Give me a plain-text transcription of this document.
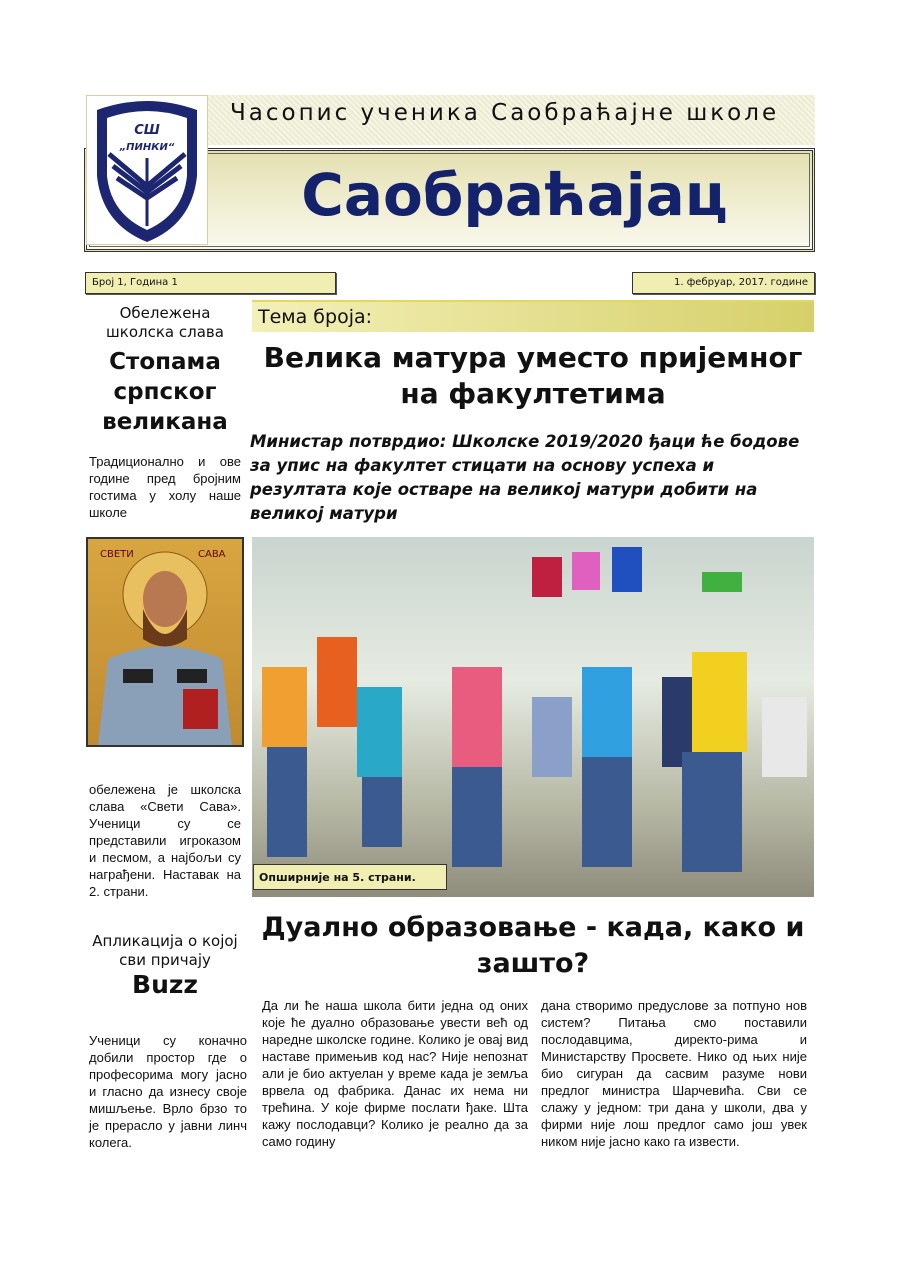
СШ
„ПИНКИ“
Часопис ученика Саобраћајне школе
Саобраћајац
Број 1, Година 1	1. фебруар, 2017. године
Обележена школска слава
Стопама српског великана
Традиционално и ове године пред бројним гостима у холу наше школе
СВЕТИ	САВА
обележена је школска слава «Свети Сава». Ученици су се представили игроказом и песмом, а најбољи су награђени. Наставак на 2. страни.
Тема броја:
Велика матура уместо пријемног на факултетима
Министар потврдио: Школске 2019/2020 ђаци ће бодове за упис на факултет стицати на основу успеха и резултата које остваре на великој матури добити на великој матури
Опширније на 5. страни.
Апликација о којој сви причају
Buzz
Ученици су коначно добили простор где о професорима могу јасно и гласно да изнесу своје мишљење. Врло брзо то је прерасло у јавни линч колега.
Дуално образовање - када, како и зашто?
Да ли ће наша школа бити једна од оних које ће дуално образовање увести већ од наредне школске године. Колико је овај вид наставе примењив код нас? Није непознат али је био актуелан у време када је земља врвела од фабрика. Данас их нема ни трећина. У које фирме послати ђаке. Шта кажу послодавци? Колико је реално да за само годину
дана створимо предуслове за потпуно нов систем? Питања смо поставили послодавцима, директо-рима и Министарству Просвете. Нико од њих није био сигуран да сасвим разуме нови предлог министра Шарчевића. Сви се слажу у једном: три дана у школи, два у фирми није лош предлог само још увек ником није јасно како га извести.
